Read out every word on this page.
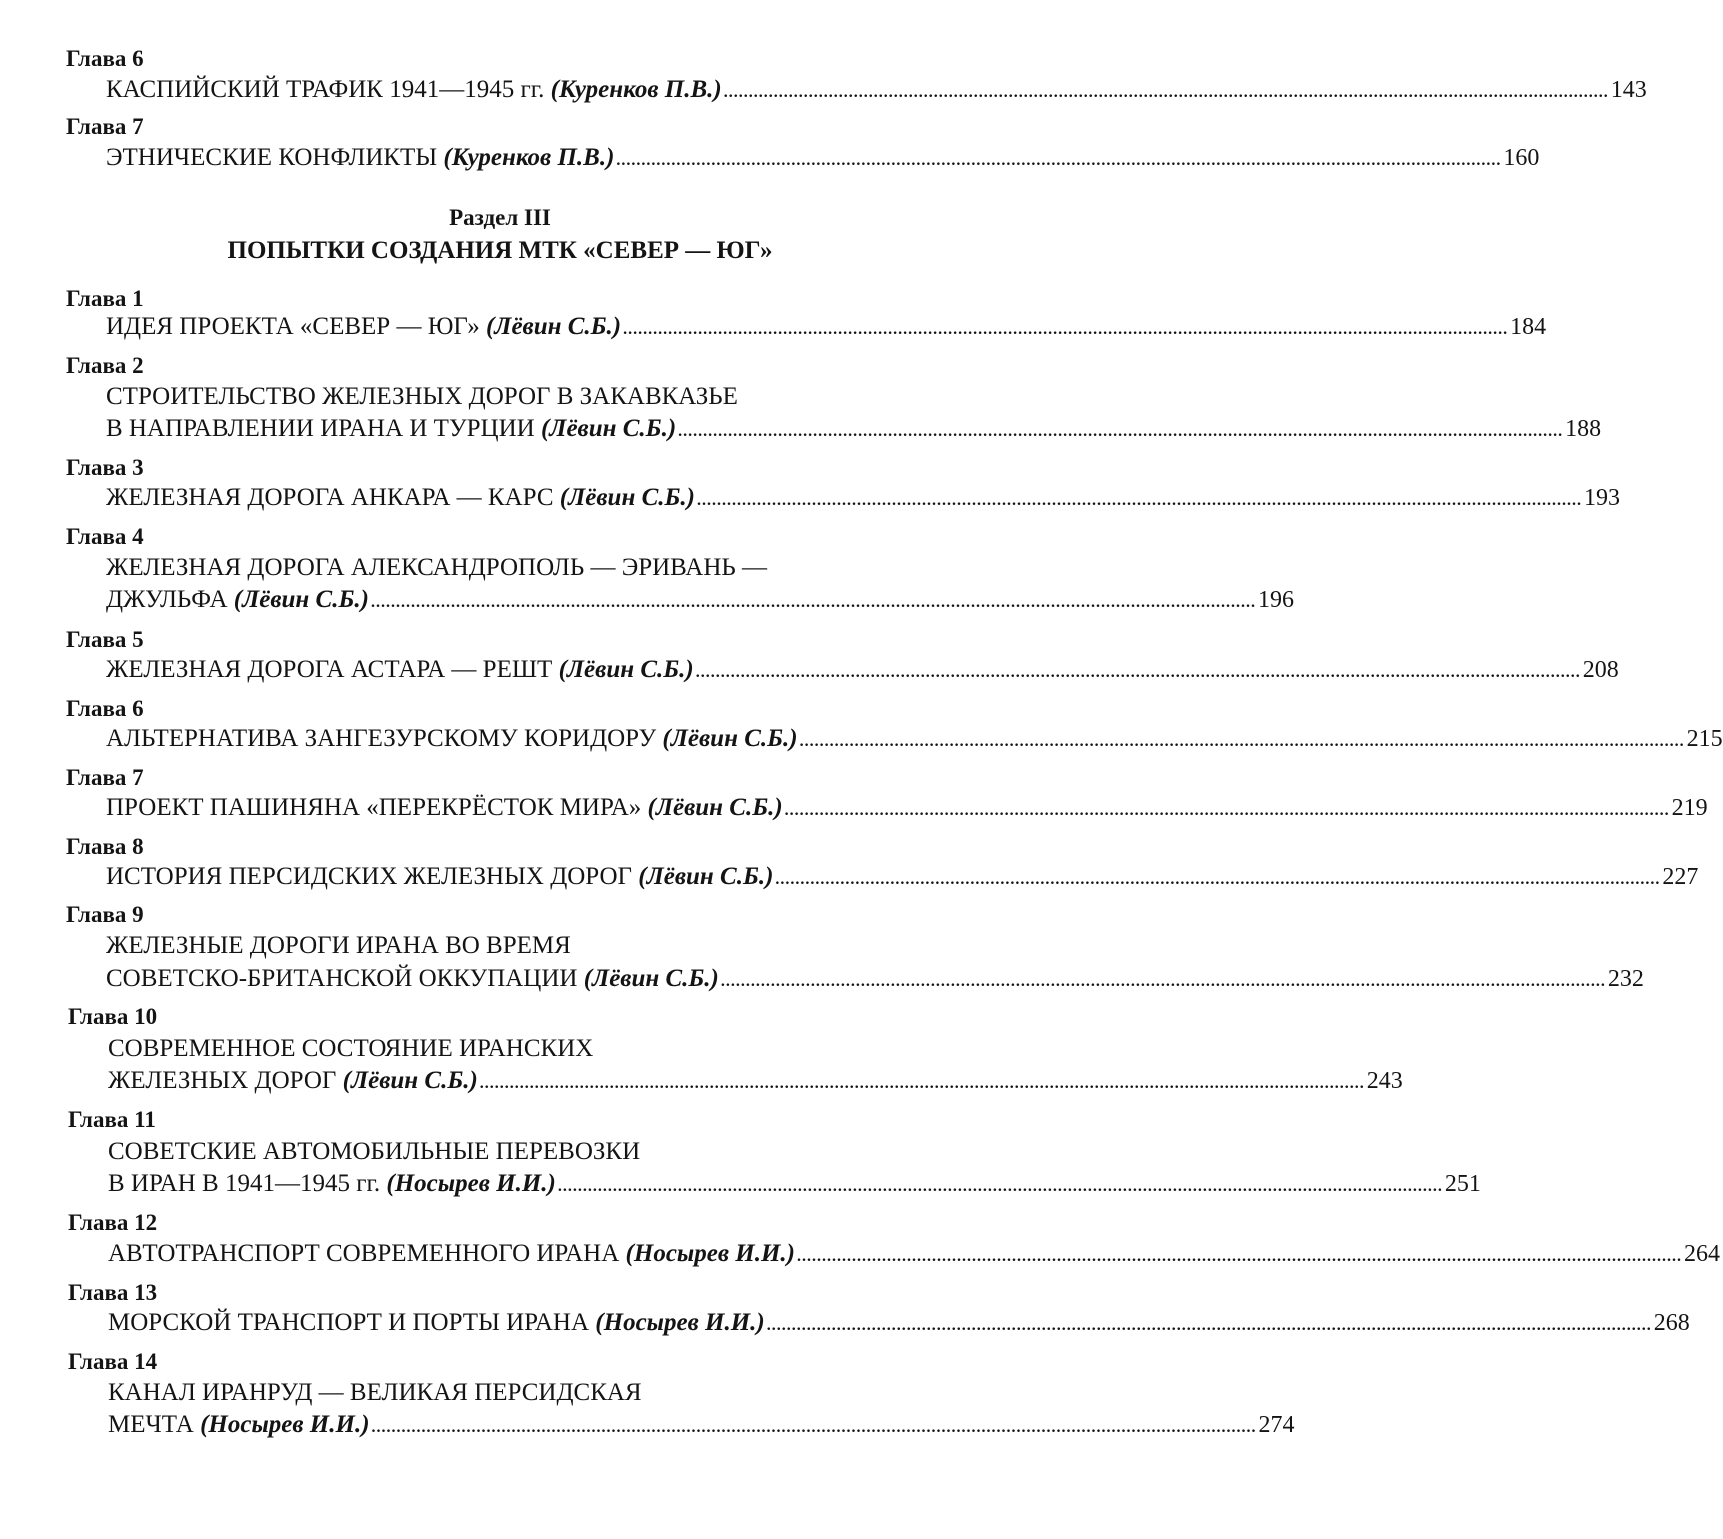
Глава 6
КАСПИЙСКИЙ ТРАФИК 1941—1945 гг.
(Куренков П.В.) ................................................................................................................................................................................. 143
Глава 7
ЭТНИЧЕСКИЕ КОНФЛИКТЫ
(Куренков П.В.) ................................................................................................................................................................................. 160
Раздел III
ПОПЫТКИ СОЗДАНИЯ МТК «СЕВЕР — ЮГ»
Глава 1
ИДЕЯ ПРОЕКТА «СЕВЕР — ЮГ»
(Лёвин С.Б.) ................................................................................................................................................................................. 184
Глава 2
СТРОИТЕЛЬСТВО ЖЕЛЕЗНЫХ ДОРОГ В ЗАКАВКАЗЬЕ
В НАПРАВЛЕНИИ ИРАНА И ТУРЦИИ
(Лёвин С.Б.) ................................................................................................................................................................................. 188
Глава 3
ЖЕЛЕЗНАЯ ДОРОГА АНКАРА — КАРС
(Лёвин С.Б.) ................................................................................................................................................................................. 193
Глава 4
ЖЕЛЕЗНАЯ ДОРОГА АЛЕКСАНДРОПОЛЬ — ЭРИВАНЬ —
ДЖУЛЬФА
(Лёвин С.Б.) ................................................................................................................................................................................. 196
Глава 5
ЖЕЛЕЗНАЯ ДОРОГА АСТАРА — РЕШТ
(Лёвин С.Б.) ................................................................................................................................................................................. 208
Глава 6
АЛЬТЕРНАТИВА ЗАНГЕЗУРСКОМУ КОРИДОРУ
(Лёвин С.Б.) ................................................................................................................................................................................. 215
Глава 7
ПРОЕКТ ПАШИНЯНА «ПЕРЕКРЁСТОК МИРА»
(Лёвин С.Б.) ................................................................................................................................................................................. 219
Глава 8
ИСТОРИЯ ПЕРСИДСКИХ ЖЕЛЕЗНЫХ ДОРОГ
(Лёвин С.Б.) ................................................................................................................................................................................. 227
Глава 9
ЖЕЛЕЗНЫЕ ДОРОГИ ИРАНА ВО ВРЕМЯ
СОВЕТСКО-БРИТАНСКОЙ ОККУПАЦИИ
(Лёвин С.Б.) ................................................................................................................................................................................. 232
Глава 10
СОВРЕМЕННОЕ СОСТОЯНИЕ ИРАНСКИХ
ЖЕЛЕЗНЫХ ДОРОГ
(Лёвин С.Б.) ................................................................................................................................................................................. 243
Глава 11
СОВЕТСКИЕ АВТОМОБИЛЬНЫЕ ПЕРЕВОЗКИ
В ИРАН В 1941—1945 гг.
(Носырев И.И.) ................................................................................................................................................................................. 251
Глава 12
АВТОТРАНСПОРТ СОВРЕМЕННОГО ИРАНА
(Носырев И.И.) ................................................................................................................................................................................. 264
Глава 13
МОРСКОЙ ТРАНСПОРТ И ПОРТЫ ИРАНА
(Носырев И.И.) ................................................................................................................................................................................. 268
Глава 14
КАНАЛ ИРАНРУД — ВЕЛИКАЯ ПЕРСИДСКАЯ
МЕЧТА
(Носырев И.И.) ................................................................................................................................................................................. 274
